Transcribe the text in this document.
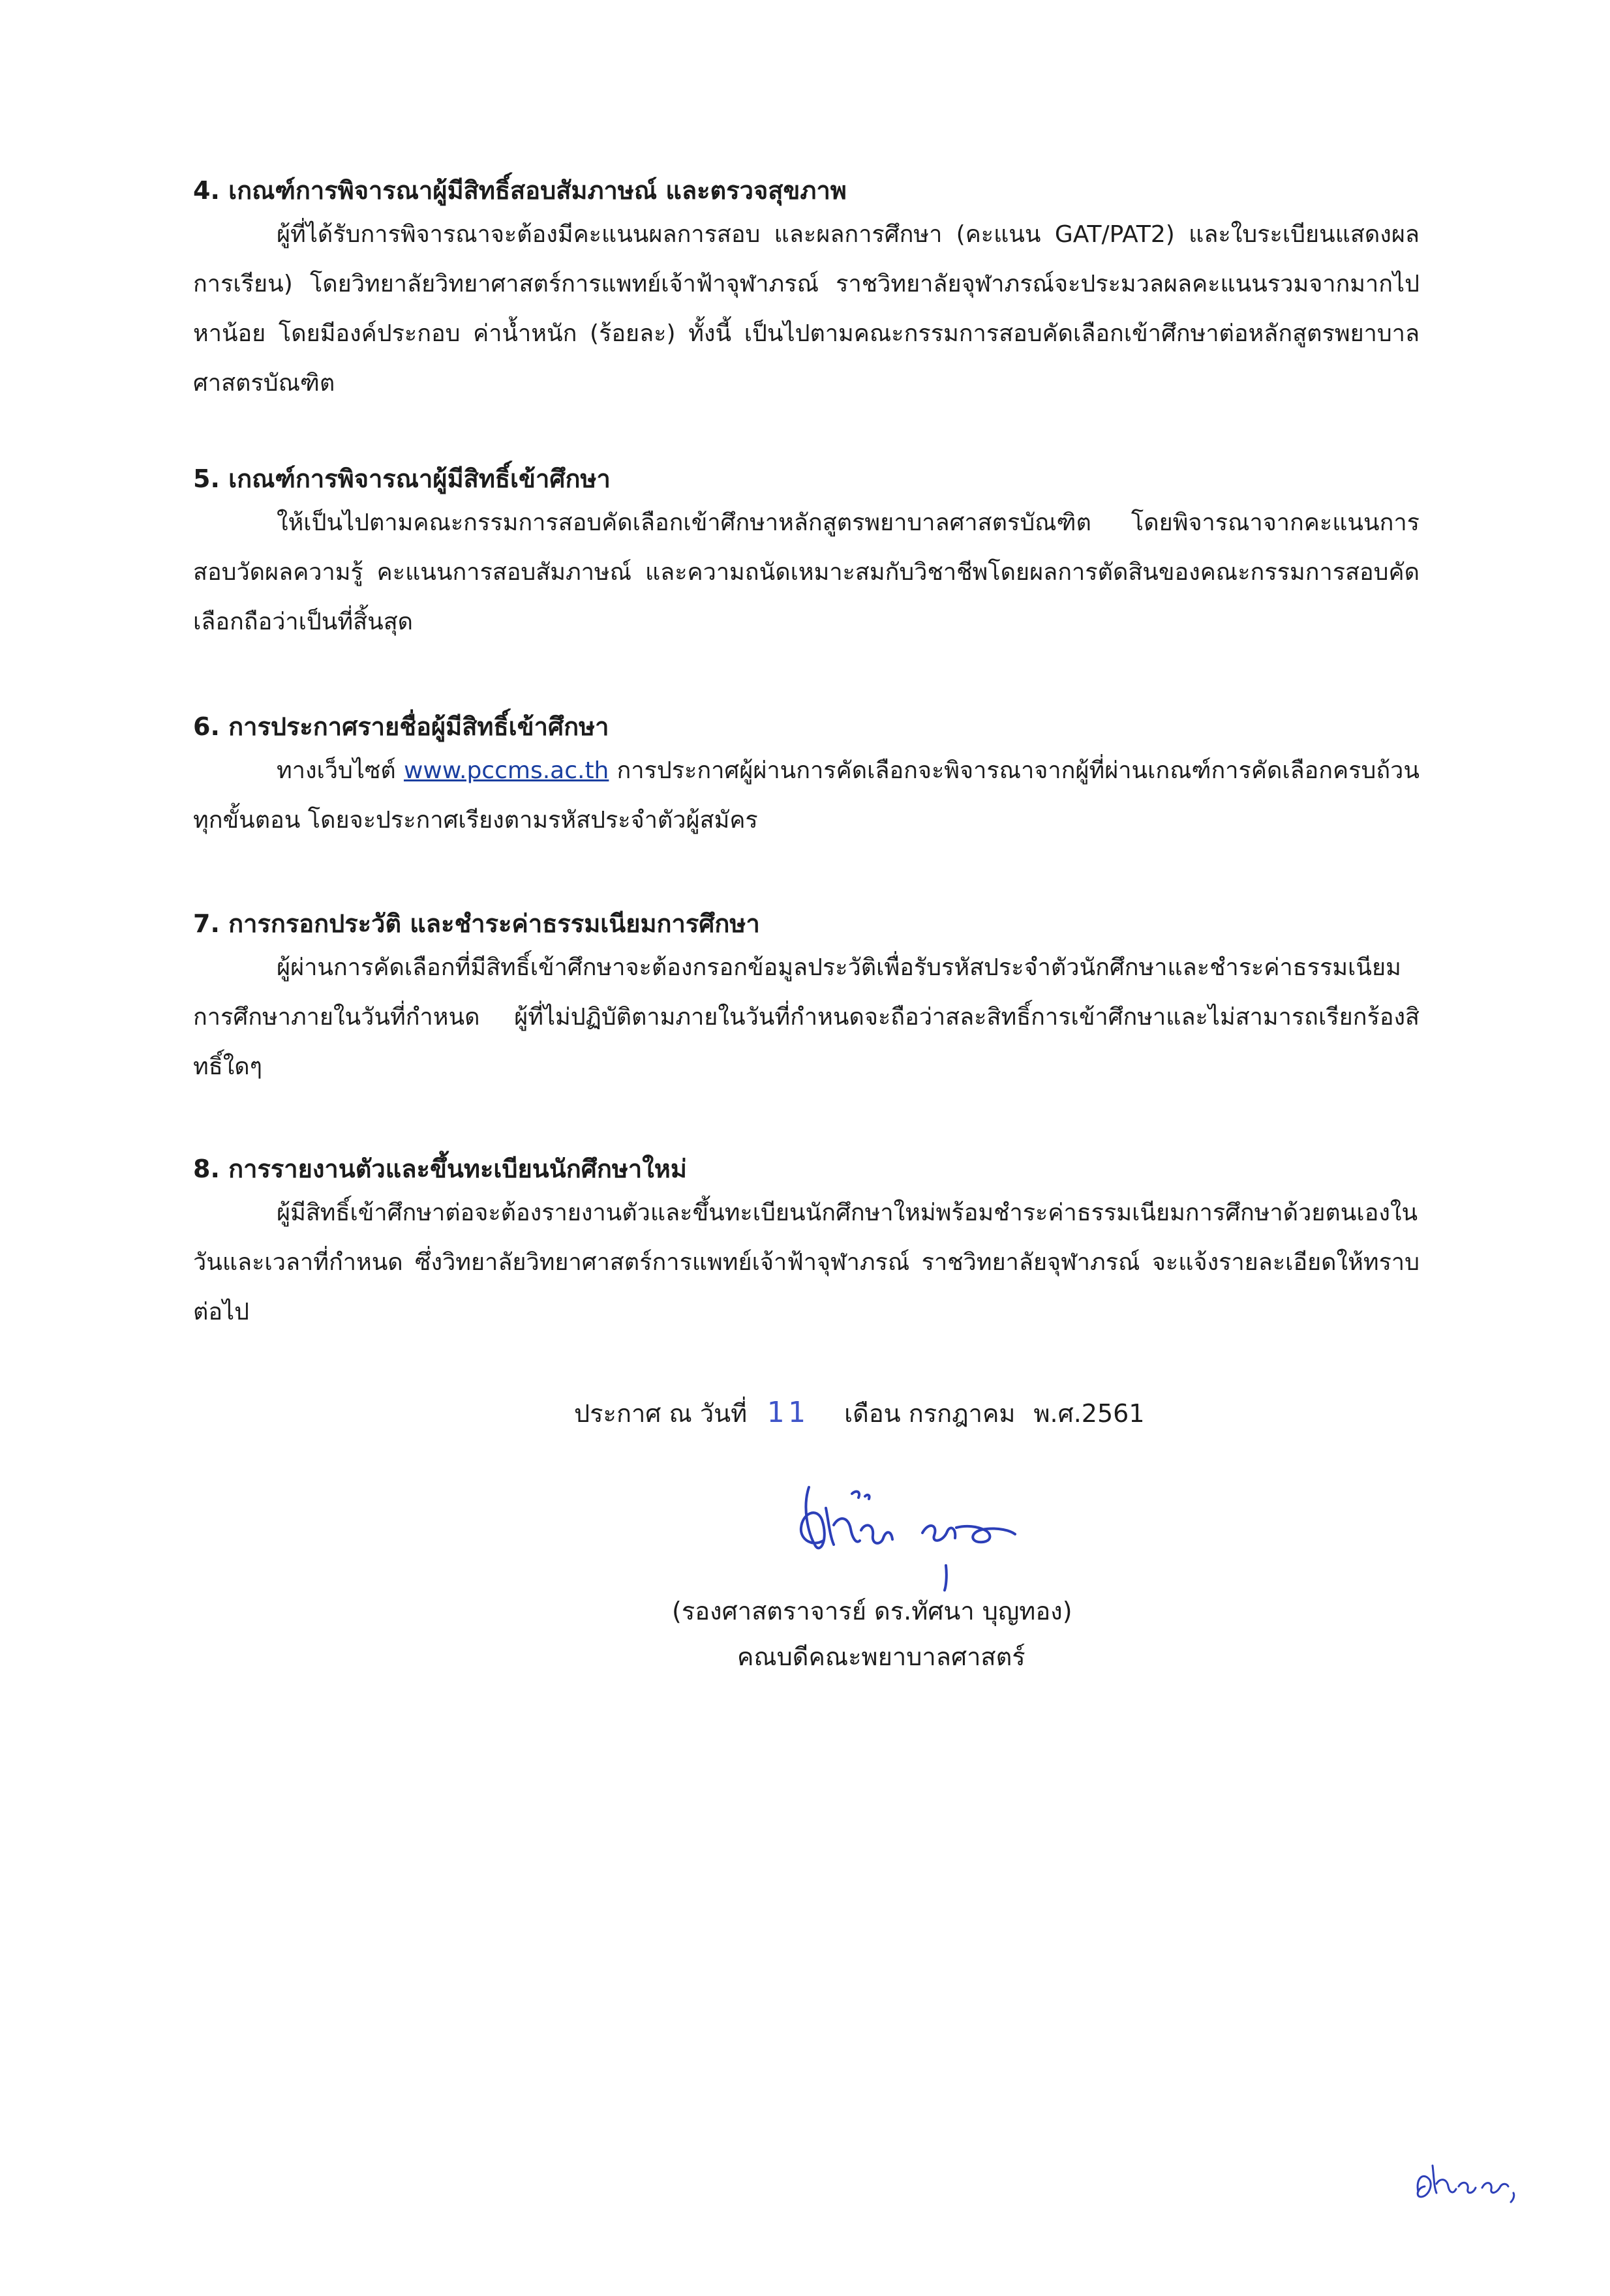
4. เกณฑ์การพิจารณาผู้มีสิทธิ์สอบสัมภาษณ์ และตรวจสุขภาพ

ผู้ที่ได้รับการพิจารณาจะต้องมีคะแนนผลการสอบ และผลการศึกษา (คะแนน GAT/PAT2) และใบระเบียนแสดงผลการเรียน) โดยวิทยาลัยวิทยาศาสตร์การแพทย์เจ้าฟ้าจุฬาภรณ์ ราชวิทยาลัยจุฬาภรณ์จะประมวลผลคะแนนรวมจากมากไปหาน้อย โดยมีองค์ประกอบ ค่าน้ำหนัก (ร้อยละ) ทั้งนี้ เป็นไปตามคณะกรรมการสอบคัดเลือกเข้าศึกษาต่อหลักสูตรพยาบาลศาสตรบัณฑิต

5. เกณฑ์การพิจารณาผู้มีสิทธิ์เข้าศึกษา

ให้เป็นไปตามคณะกรรมการสอบคัดเลือกเข้าศึกษาหลักสูตรพยาบาลศาสตรบัณฑิต โดยพิจารณาจากคะแนนการสอบวัดผลความรู้ คะแนนการสอบสัมภาษณ์ และความถนัดเหมาะสมกับวิชาชีพโดยผลการตัดสินของคณะกรรมการสอบคัดเลือกถือว่าเป็นที่สิ้นสุด

6. การประกาศรายชื่อผู้มีสิทธิ์เข้าศึกษา

ทางเว็บไซต์ www.pccms.ac.th การประกาศผู้ผ่านการคัดเลือกจะพิจารณาจากผู้ที่ผ่านเกณฑ์การคัดเลือกครบถ้วนทุกขั้นตอน โดยจะประกาศเรียงตามรหัสประจำตัวผู้สมัคร

7. การกรอกประวัติ และชำระค่าธรรมเนียมการศึกษา

ผู้ผ่านการคัดเลือกที่มีสิทธิ์เข้าศึกษาจะต้องกรอกข้อมูลประวัติเพื่อรับรหัสประจำตัวนักศึกษาและชำระค่าธรรมเนียมการศึกษาภายในวันที่กำหนด ผู้ที่ไม่ปฏิบัติตามภายในวันที่กำหนดจะถือว่าสละสิทธิ์การเข้าศึกษาและไม่สามารถเรียกร้องสิทธิ์ใดๆ

8. การรายงานตัวและขึ้นทะเบียนนักศึกษาใหม่

ผู้มีสิทธิ์เข้าศึกษาต่อจะต้องรายงานตัวและขึ้นทะเบียนนักศึกษาใหม่พร้อมชำระค่าธรรมเนียมการศึกษาด้วยตนเองในวันและเวลาที่กำหนด ซึ่งวิทยาลัยวิทยาศาสตร์การแพทย์เจ้าฟ้าจุฬาภรณ์ ราชวิทยาลัยจุฬาภรณ์ จะแจ้งรายละเอียดให้ทราบต่อไป

ประกาศ ณ วันที่ 11 เดือน กรกฎาคม พ.ศ.2561
(รองศาสตราจารย์ ดร.ทัศนา บุญทอง)
คณบดีคณะพยาบาลศาสตร์
